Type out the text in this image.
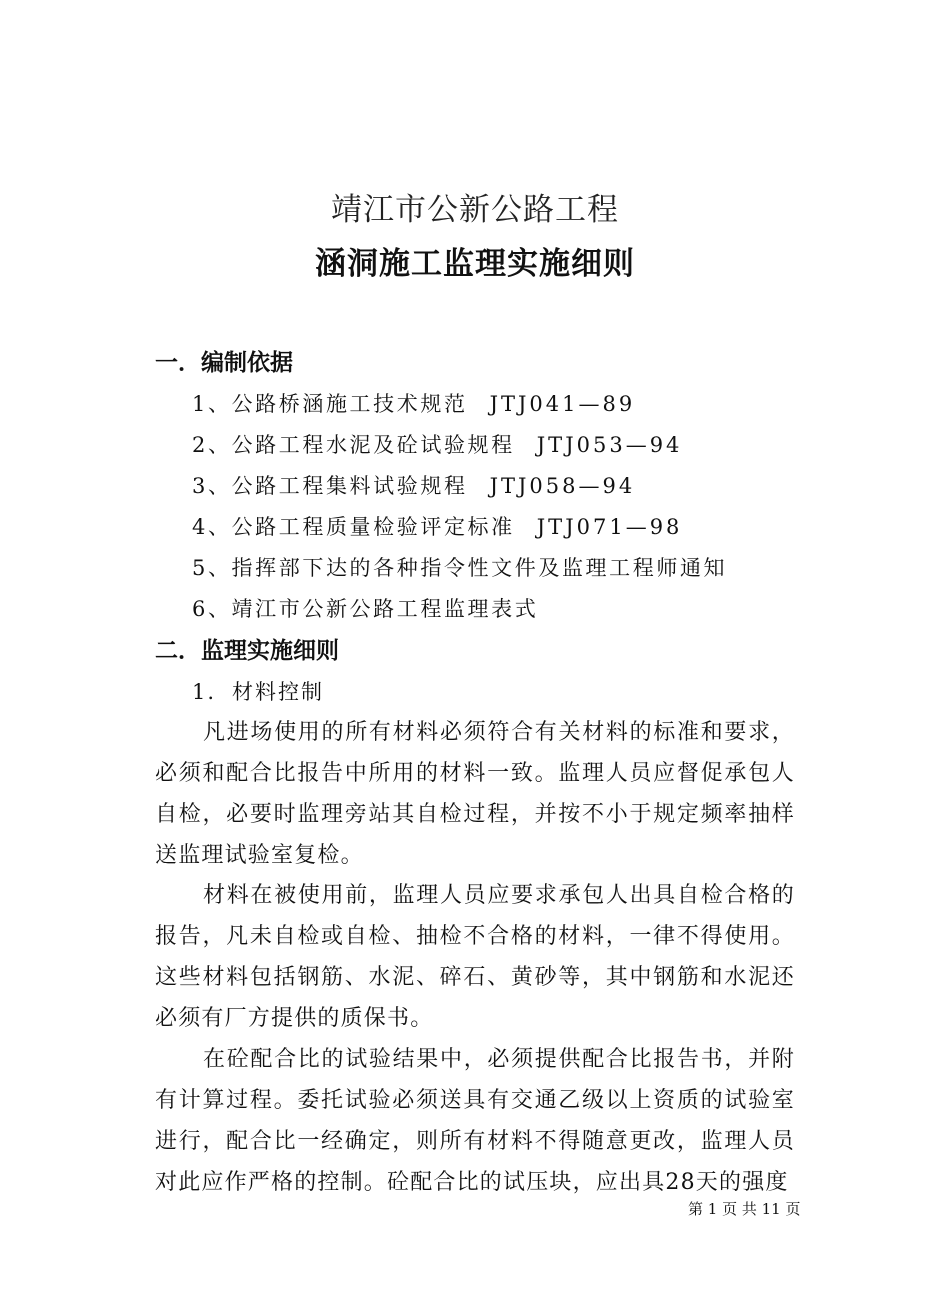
靖江市公新公路工程
涵洞施工监理实施细则
一．编制依据
1、公路桥涵施工技术规范 JTJ041—89
2、公路工程水泥及砼试验规程 JTJ053—94
3、公路工程集料试验规程 JTJ058—94
4、公路工程质量检验评定标准 JTJ071—98
5、指挥部下达的各种指令性文件及监理工程师通知
6、靖江市公新公路工程监理表式
二．监理实施细则
1. 材料控制
凡进场使用的所有材料必须符合有关材料的标准和要求，必须和配合比报告中所用的材料一致。监理人员应督促承包人自检，必要时监理旁站其自检过程，并按不小于规定频率抽样送监理试验室复检。
材料在被使用前，监理人员应要求承包人出具自检合格的报告，凡未自检或自检、抽检不合格的材料，一律不得使用。这些材料包括钢筋、水泥、碎石、黄砂等，其中钢筋和水泥还必须有厂方提供的质保书。
在砼配合比的试验结果中，必须提供配合比报告书，并附有计算过程。委托试验必须送具有交通乙级以上资质的试验室进行，配合比一经确定，则所有材料不得随意更改，监理人员对此应作严格的控制。砼配合比的试压块，应出具28天的强度
第 1 页 共 11 页
